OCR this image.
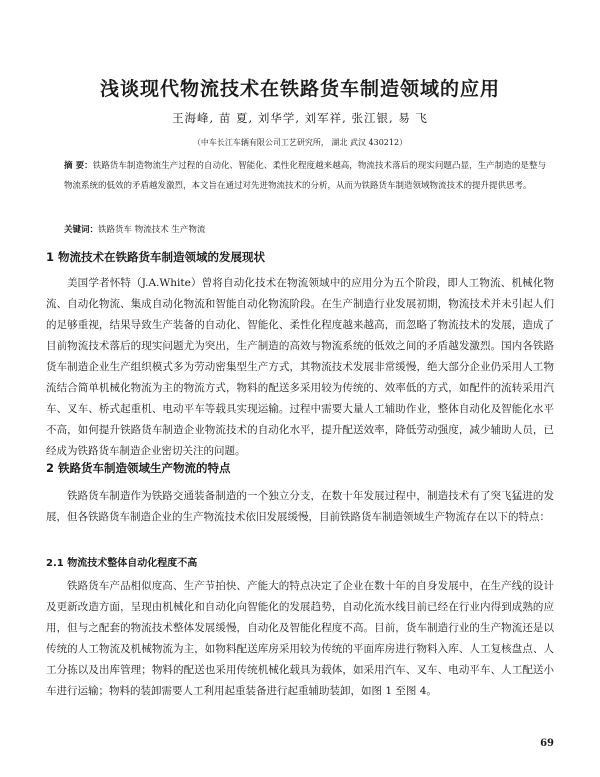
浅谈现代物流技术在铁路货车制造领域的应用
王海峰, 苗 夏, 刘华学, 刘军祥, 张江银, 易 飞
（中车长江车辆有限公司工艺研究所， 湖北 武汉 430212）
摘 要：铁路货车制造物流生产过程的自动化、智能化、柔性化程度越来越高，物流技术落后的现实问题凸显，生产制造的是整与物流系统的低效的矛盾越发激烈，本文旨在通过对先进物流技术的分析，从而为铁路货车制造领域物流技术的提升提供思考。
关键词：铁路货车 物流技术 生产物流
1 物流技术在铁路货车制造领域的发展现状
美国学者怀特（J.A.White）曾将自动化技术在物流领域中的应用分为五个阶段，即人工物流、机械化物流、自动化物流、集成自动化物流和智能自动化物流阶段。在生产制造行业发展初期，物流技术并未引起人们的足够重视，结果导致生产装备的自动化、智能化、柔性化程度越来越高，而忽略了物流技术的发展，造成了目前物流技术落后的现实问题尤为突出，生产制造的高效与物流系统的低效之间的矛盾越发激烈。国内各铁路货车制造企业生产组织模式多为劳动密集型生产方式，其物流技术发展非常缓慢，绝大部分企业仍采用人工物流结合简单机械化物流为主的物流方式，物料的配送多采用较为传统的、效率低的方式，如配件的流转采用汽车、叉车、桥式起重机、电动平车等载具实现运输。过程中需要大量人工辅助作业，整体自动化及智能化水平不高，如何提升铁路货车制造企业物流技术的自动化水平，提升配送效率，降低劳动强度，减少辅助人员，已经成为铁路货车制造企业密切关注的问题。
2 铁路货车制造领域生产物流的特点
铁路货车制造作为铁路交通装备制造的一个独立分支，在数十年发展过程中，制造技术有了突飞猛进的发展，但各铁路货车制造企业的生产物流技术依旧发展缓慢，目前铁路货车制造领域生产物流存在以下的特点：
2.1 物流技术整体自动化程度不高
铁路货车产品相似度高、生产节拍快、产能大的特点决定了企业在数十年的自身发展中，在生产线的设计及更新改造方面，呈现由机械化和自动化向智能化的发展趋势，自动化流水线目前已经在行业内得到成熟的应用，但与之配套的物流技术整体发展缓慢，自动化及智能化程度不高。目前，货车制造行业的生产物流还是以传统的人工物流及机械物流为主，如物料配送库房采用较为传统的平面库房进行物料入库、人工复核盘点、人工分拣以及出库管理；物料的配送也采用传统机械化载具为载体，如采用汽车、叉车、电动平车、人工配送小车进行运输；物料的装卸需要人工利用起重装备进行起重辅助装卸，如图 1 至图 4。
69
